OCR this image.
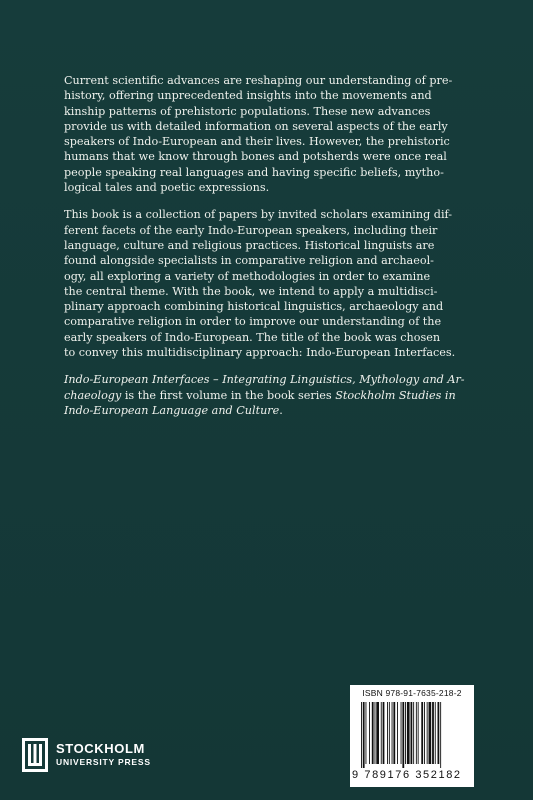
Current scientific advances are reshaping our understanding of pre-
history, offering unprecedented insights into the movements and
kinship patterns of prehistoric populations. These new advances
provide us with detailed information on several aspects of the early
speakers of Indo-European and their lives. However, the prehistoric
humans that we know through bones and potsherds were once real
people speaking real languages and having specific beliefs, mytho-
logical tales and poetic expressions.

This book is a collection of papers by invited scholars examining dif-
ferent facets of the early Indo-European speakers, including their
language, culture and religious practices. Historical linguists are
found alongside specialists in comparative religion and archaeol-
ogy, all exploring a variety of methodologies in order to examine
the central theme. With the book, we intend to apply a multidisci-
plinary approach combining historical linguistics, archaeology and
comparative religion in order to improve our understanding of the
early speakers of Indo-European. The title of the book was chosen
to convey this multidisciplinary approach: Indo-European Interfaces.

Indo-European Interfaces – Integrating Linguistics, Mythology and Ar-
chaeology is the first volume in the book series Stockholm Studies in
Indo-European Language and Culture.

STOCKHOLM
UNIVERSITY PRESS
ISBN 978-91-7635-218-2
9 789176 352182
